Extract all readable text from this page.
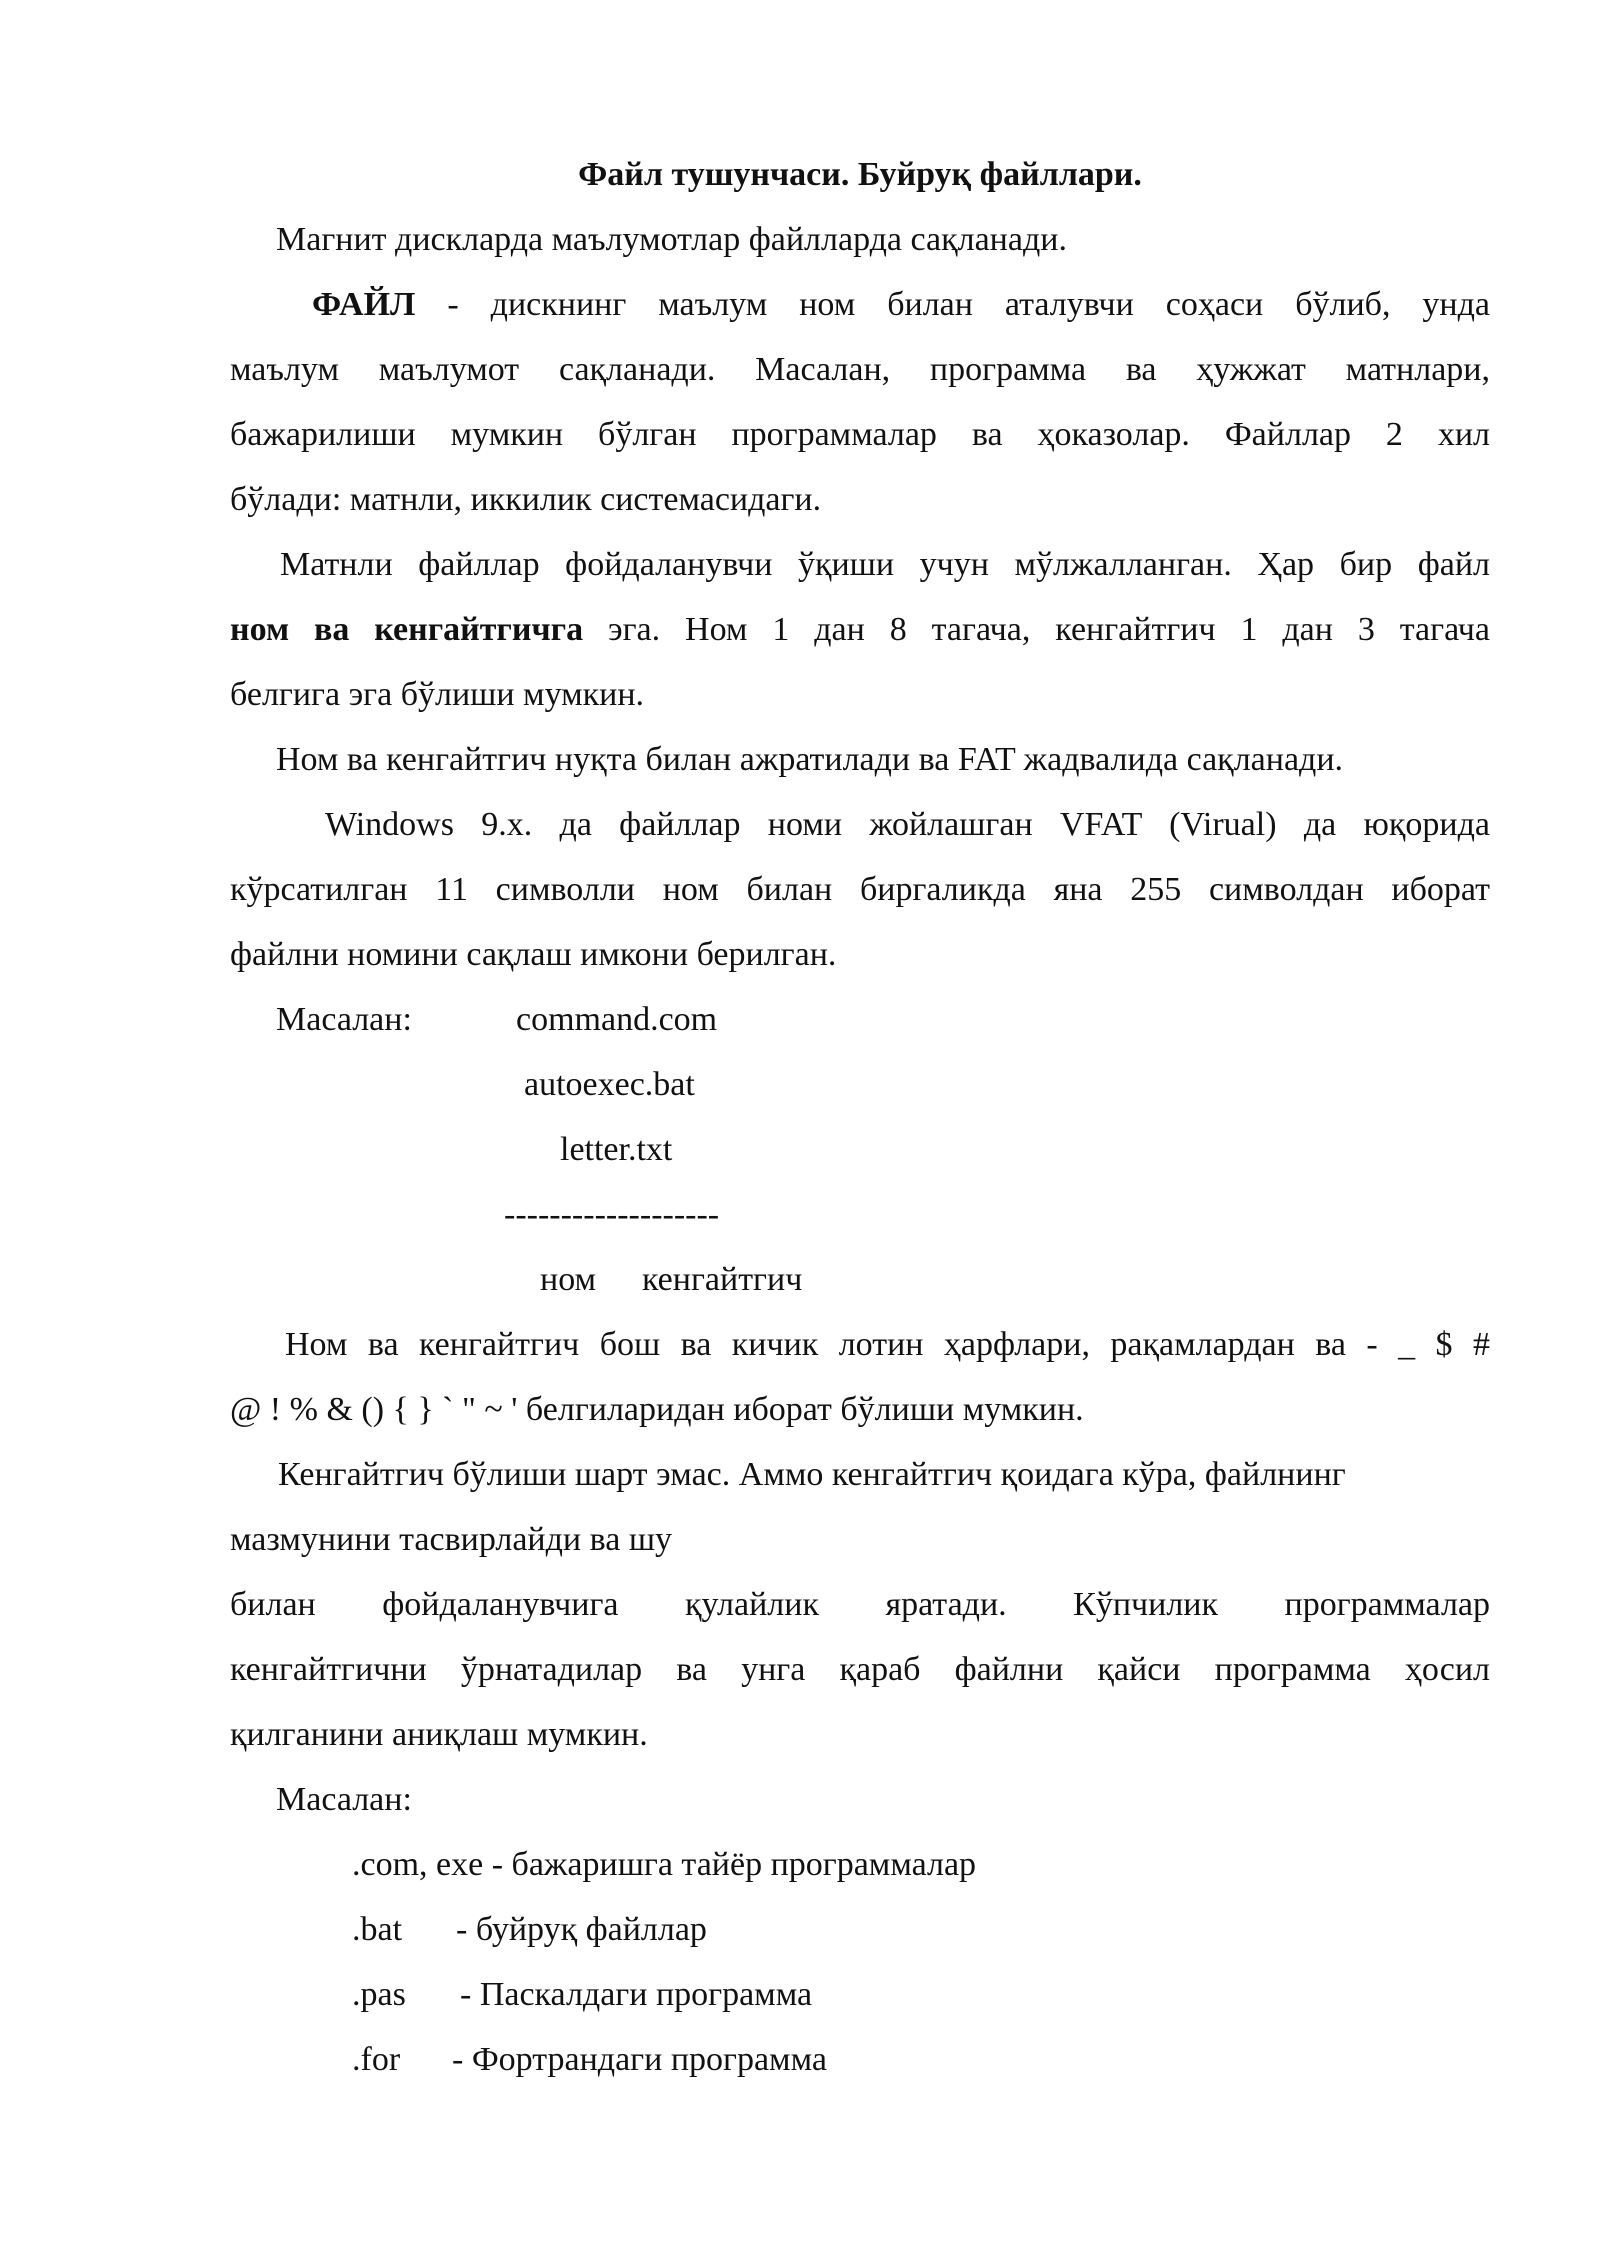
Файл тушунчаси. Буйруқ файллари.
Магнит дискларда маълумотлар файлларда сақланади.
ФАЙЛ - дискнинг маълум ном билан аталувчи соҳаси бўлиб, унда
маълум маълумот сақланади. Масалан, программа ва ҳужжат матнлари,
бажарилиши мумкин бўлган программалар ва ҳоказолар. Файллар 2 хил
бўлади: матнли, иккилик системасидаги.
Матнли файллар фойдаланувчи ўқиши учун мўлжалланган. Ҳар бир файл
ном ва кенгайтгичга эга. Ном 1 дан 8 тагача, кенгайтгич 1 дан 3 тагача
белгига эга бўлиши мумкин.
Ном ва кенгайтгич нуқта билан ажратилади ва FAT жадвалида сақланади.
Windows 9.x. да файллар номи жойлашган VFAT (Virual) да юқорида
кўрсатилган 11 символли ном билан биргаликда яна 255 символдан иборат
файлни номини сақлаш имкони берилган.
Масалан:	command.com
autoexec.bat
letter.txt
-------------------
ном кенгайтгич
Ном ва кенгайтгич бош ва кичик лотин ҳарфлари, рақамлардан ва - _ $ #
@ ! % & () { } ` " ~ ' белгиларидан иборат бўлиши мумкин.
Кенгайтгич бўлиши шарт эмас. Аммо кенгайтгич қоидага кўра, файлнинг
мазмунини тасвирлайди ва шу
билан фойдаланувчига қулайлик яратади. Кўпчилик программалар
кенгайтгични ўрнатадилар ва унга қараб файлни қайси программа ҳосил
қилганини аниқлаш мумкин.
Масалан:
.com, exe - бажаришга тайёр программалар
.bat - буйруқ файллар
.pas - Паскалдаги программа
.for - Фортрандаги программа
